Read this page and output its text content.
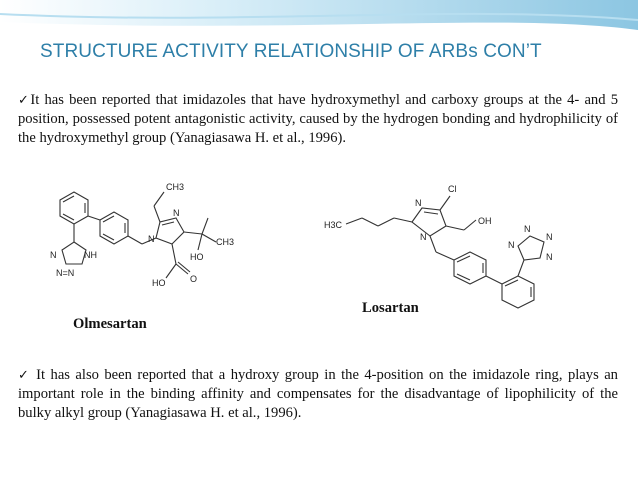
STRUCTURE ACTIVITY RELATIONSHIP OF ARBs CON’T
✓It has been reported that imidazoles that have hydroxymethyl and carboxy groups at the 4- and 5 position, possessed potent antagonistic activity, caused by the hydrogen bonding and hydrophilicity of the hydroxymethyl group (Yanagiasawa H. et al., 1996).
CH3
N
CH3
HO
N
NH
N
N=N
HO	O
H3C
Cl
N
OH
N
N
N
N
N
Losartan
Olmesartan
✓ It has also been reported that a hydroxy group in the 4-position on the imidazole ring, plays an important role in the binding affinity and compensates for the disadvantage of lipophilicity of the bulky alkyl group (Yanagiasawa H. et al., 1996).
